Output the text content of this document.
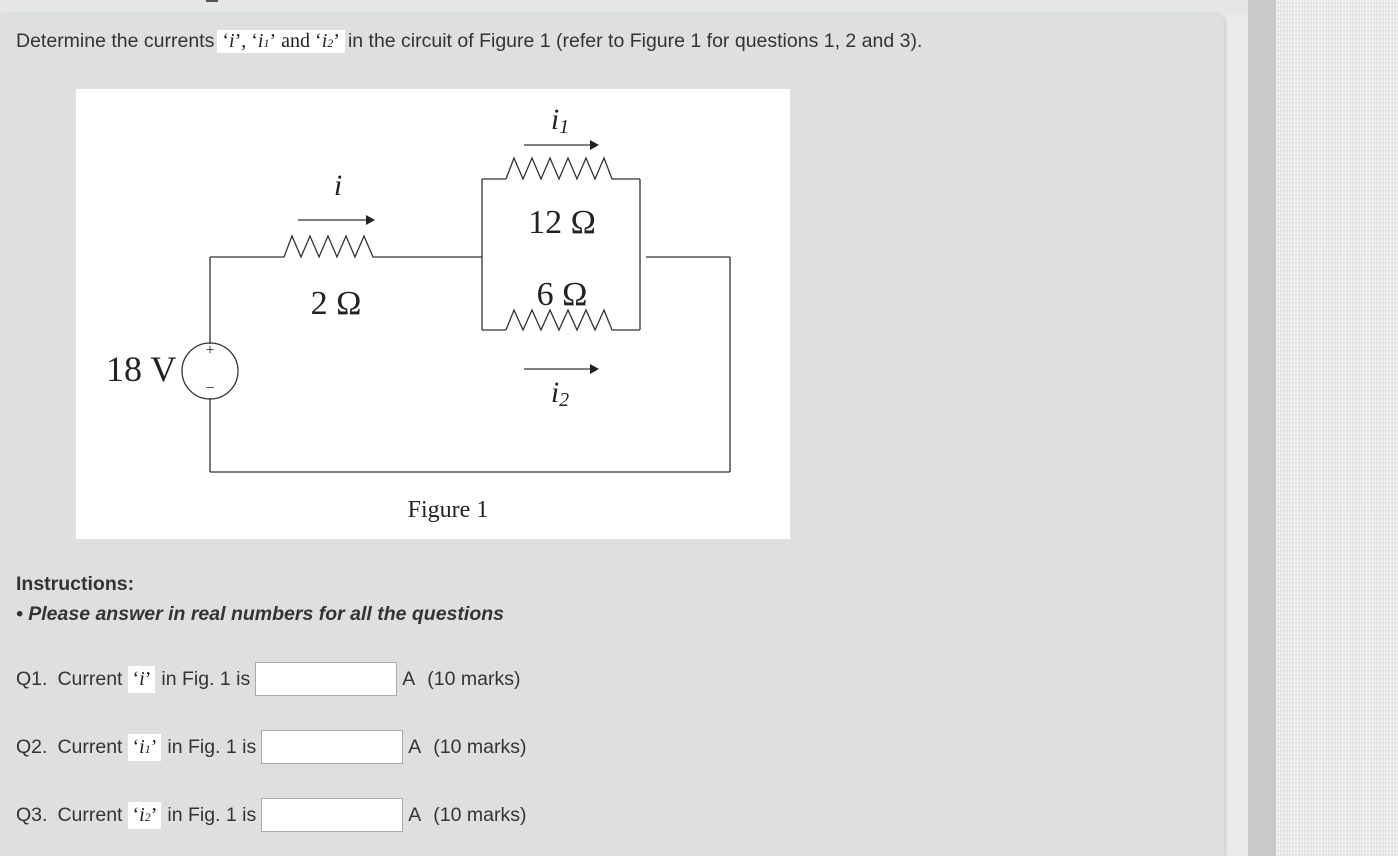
Determine the currents ‘ i ’, ‘ i 1 ’ and ‘ i 2 ’ in the circuit of Figure 1 (refer to Figure 1 for questions 1, 2 and 3).
+
−
18 V
2 Ω
12 Ω
6 Ω
i
i1
i2
Figure 1
Instructions:
• Please answer in real numbers for all the questions
Q1. Current ‘ i ’ in Fig. 1 is	A (10 marks)
Q2. Current ‘ i 1 ’ in Fig. 1 is	A (10 marks)
Q3. Current ‘ i 2 ’ in Fig. 1 is	A (10 marks)
